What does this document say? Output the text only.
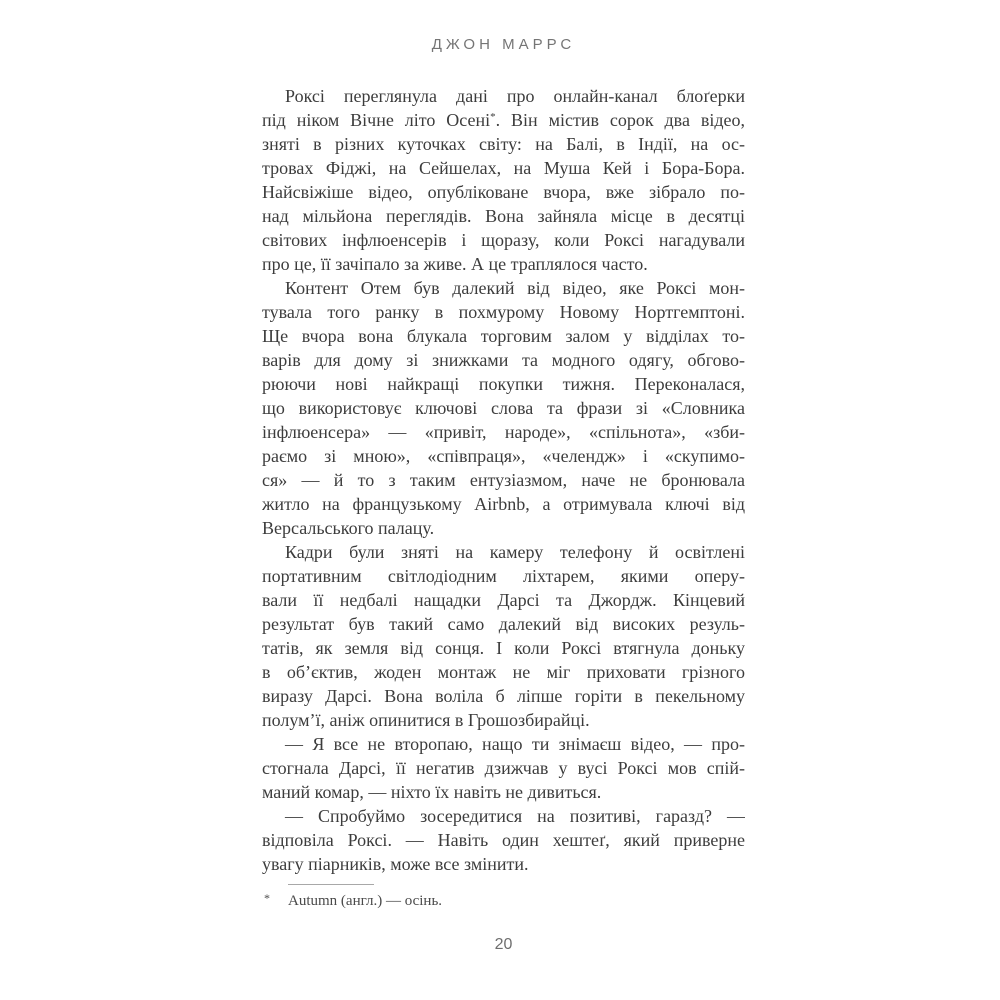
ДЖОН МАРРС
Роксі переглянула дані про онлайн-канал блоґерки
під ніком Вічне літо Осені*. Він містив сорок два відео,
зняті в різних куточках світу: на Балі, в Індії, на ос-
тровах Фіджі, на Сейшелах, на Муша Кей і Бора-Бора.
Найсвіжіше відео, опубліковане вчора, вже зібрало по-
над мільйона переглядів. Вона зайняла місце в десятці
світових інфлюенсерів і щоразу, коли Роксі нагадували
про це, її зачіпало за живе. А це траплялося часто.
Контент Отем був далекий від відео, яке Роксі мон-
тувала того ранку в похмурому Новому Нортгемптоні.
Ще вчора вона блукала торговим залом у відділах то-
варів для дому зі знижками та модного одягу, обгово-
рюючи нові найкращі покупки тижня. Переконалася,
що використовує ключові слова та фрази зі «Словника
інфлюенсера» — «привіт, народе», «спільнота», «зби-
раємо зі мною», «співпраця», «челендж» і «скупимо-
ся» — й то з таким ентузіазмом, наче не бронювала
житло на французькому Airbnb, а отримувала ключі від
Версальського палацу.
Кадри були зняті на камеру телефону й освітлені
портативним світлодіодним ліхтарем, якими оперу-
вали її недбалі нащадки Дарсі та Джордж. Кінцевий
результат був такий само далекий від високих резуль-
татів, як земля від сонця. І коли Роксі втягнула доньку
в об’єктив, жоден монтаж не міг приховати грізного
виразу Дарсі. Вона воліла б ліпше горіти в пекельному
полум’ї, аніж опинитися в Грошозбирайці.
— Я все не второпаю, нащо ти знімаєш відео, — про-
стогнала Дарсі, її негатив дзижчав у вусі Роксі мов спій-
маний комар, — ніхто їх навіть не дивиться.
— Спробуймо зосередитися на позитиві, гаразд? —
відповіла Роксі. — Навіть один хештеґ, який приверне
увагу піарників, може все змінити.
* Autumn (англ.) — осінь.
20
